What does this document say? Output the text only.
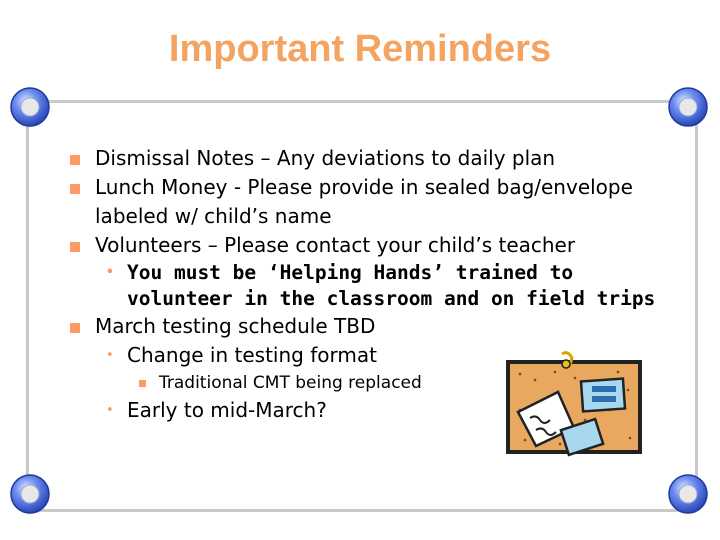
Important Reminders
Dismissal Notes – Any deviations to daily plan
Lunch Money - Please provide in sealed bag/envelope labeled w/ child’s name
Volunteers – Please contact your child’s teacher
• You must be ‘Helping Hands’ trained to volunteer in the classroom and on field trips
March testing schedule TBD
• Change in testing format
Traditional CMT being replaced
• Early to mid-March?
